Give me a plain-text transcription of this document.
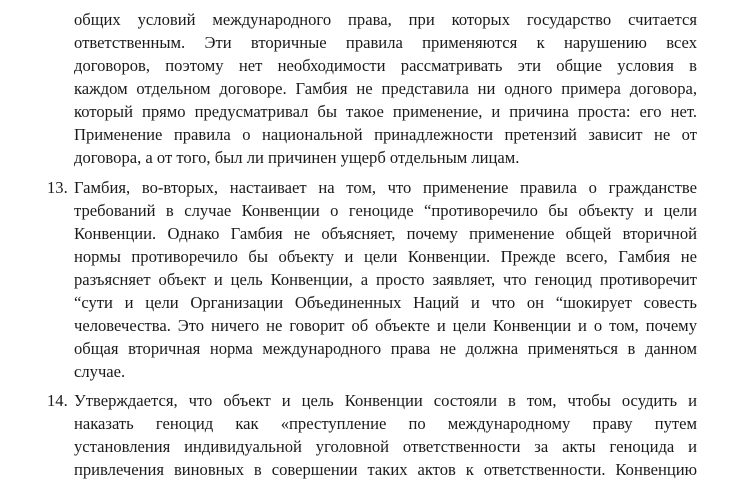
общих условий международного права, при которых государство считается
ответственным. Эти вторичные правила применяются к нарушению всех
договоров, поэтому нет необходимости рассматривать эти общие условия в
каждом отдельном договоре. Гамбия не представила ни одного примера договора,
который прямо предусматривал бы такое применение, и причина проста: его нет.
Применение правила о национальной принадлежности претензий зависит не от
договора, а от того, был ли причинен ущерб отдельным лицам.
13. Гамбия, во-вторых, настаивает на том, что применение правила о гражданстве
требований в случае Конвенции о геноциде “противоречило бы объекту и цели
Конвенции. Однако Гамбия не объясняет, почему применение общей вторичной
нормы противоречило бы объекту и цели Конвенции. Прежде всего, Гамбия не
разъясняет объект и цель Конвенции, а просто заявляет, что геноцид противоречит
“сути и цели Организации Объединенных Наций и что он “шокирует совесть
человечества. Это ничего не говорит об объекте и цели Конвенции и о том, почему
общая вторичная норма международного права не должна применяться в данном
случае.
14. Утверждается, что объект и цель Конвенции состояли в том, чтобы осудить и
наказать геноцид как «преступление по международному праву путем
установления индивидуальной уголовной ответственности за акты геноцида и
привлечения виновных в совершении таких актов к ответственности. Конвенцию
